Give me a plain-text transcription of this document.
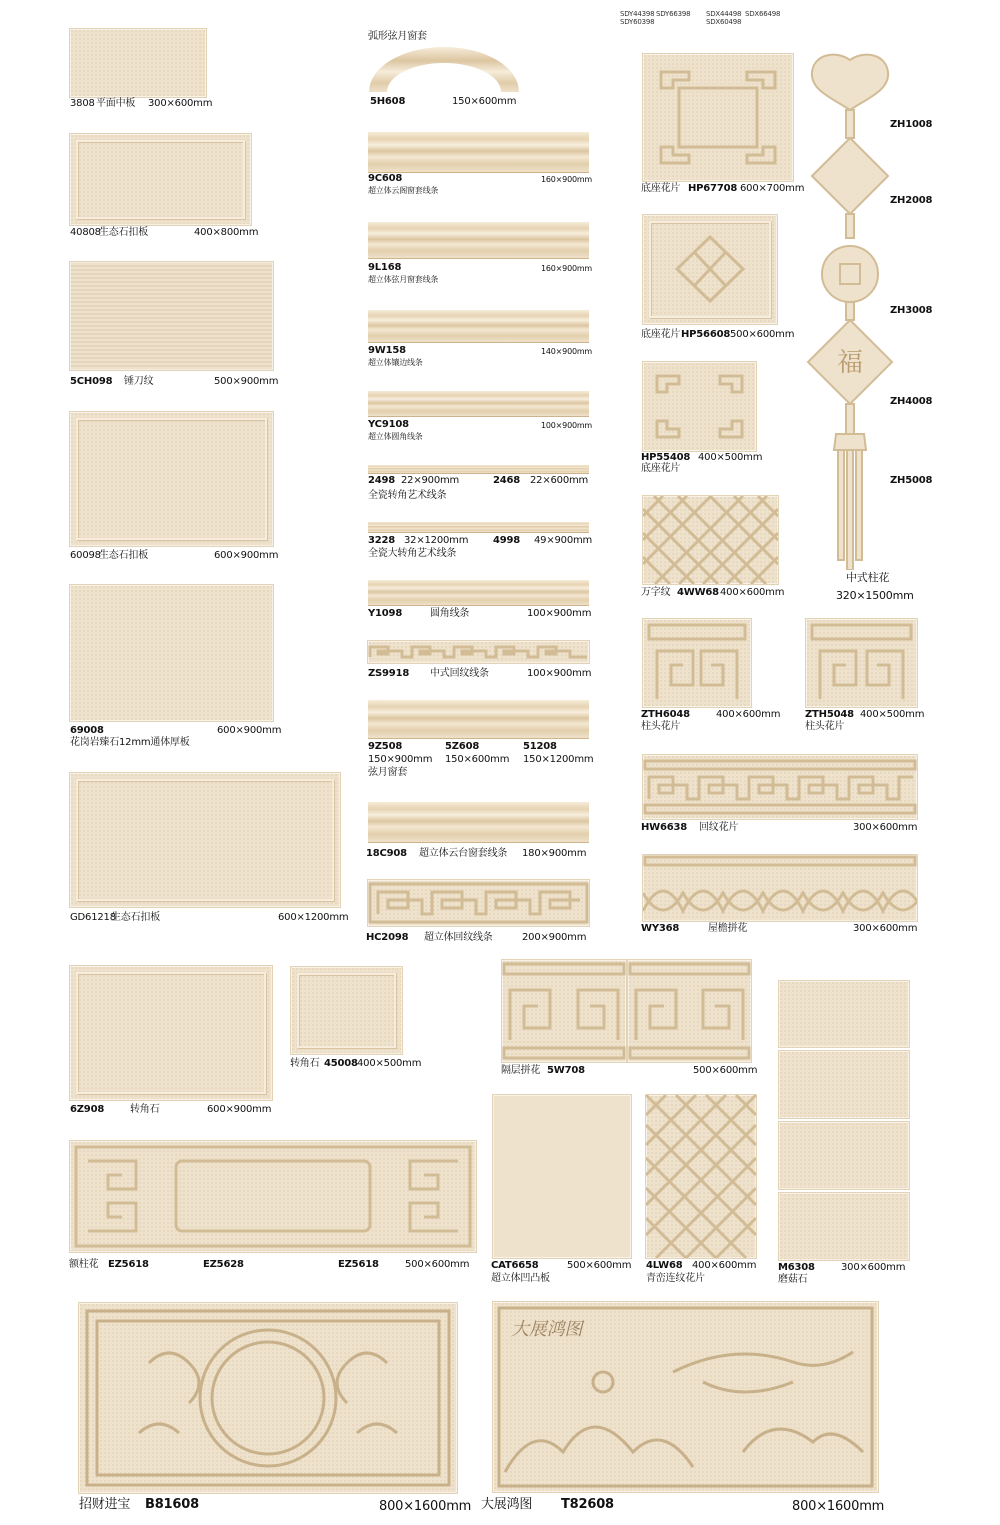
SDY44398 SDY66398
SDY60398
SDX44498 SDX66498
SDX60498
3808 平面中板 300×600mm
40808
生态石扣板	400×800mm
5CH098 锤刀纹	500×900mm
60098
生态石扣板	600×900mm
69008	600×900mm
花岗岩臻石12mm通体厚板
GD61218
生态石扣板	600×1200mm
弧形弦月窗套
5H608	150×600mm
9C608	160×900mm
超立体云阁窗套线条
9L168	160×900mm
超立体弦月窗套线条
9W158	140×900mm
超立体镶边线条
YC9108	100×900mm
超立体圆角线条
2498 22×900mm	2468 22×600mm
全瓷转角艺术线条
3228 32×1200mm 4998 49×900mm
全瓷大转角艺术线条
Y1098	圆角线条	100×900mm
ZS9918 中式回纹线条	100×900mm
9Z508	5Z608	51208
150×900mm 150×600mm 150×1200mm
弦月窗套
18C908 超立体云台窗套线条 180×900mm
HC2098 超立体回纹线条	200×900mm
底座花片 HP67708 600×700mm
底座花片 HP56608 500×600mm
HP55408 400×500mm
底座花片
万字纹 4WW68 400×600mm
ZTH6048	400×600mm
柱头花片
ZTH5048 400×500mm
柱头花片
HW6638 回纹花片	300×600mm
WY368	屋檐拼花	300×600mm
福
ZH1008
ZH2008
ZH3008
ZH4008
ZH5008
中式柱花
320×1500mm
6Z908	转角石	600×900mm
转角石 45008 400×500mm
隔层拼花 5W708	500×600mm
额柱花 EZ5618	EZ5628	EZ5618	500×600mm CAT6658	500×600mm
超立体凹凸板
4LW68 400×600mm
青峦连纹花片
M6308	300×600mm
磨菇石
招财进宝 B81608	800×1600mm
大展鸿图
大展鸿图 T82608	800×1600mm
